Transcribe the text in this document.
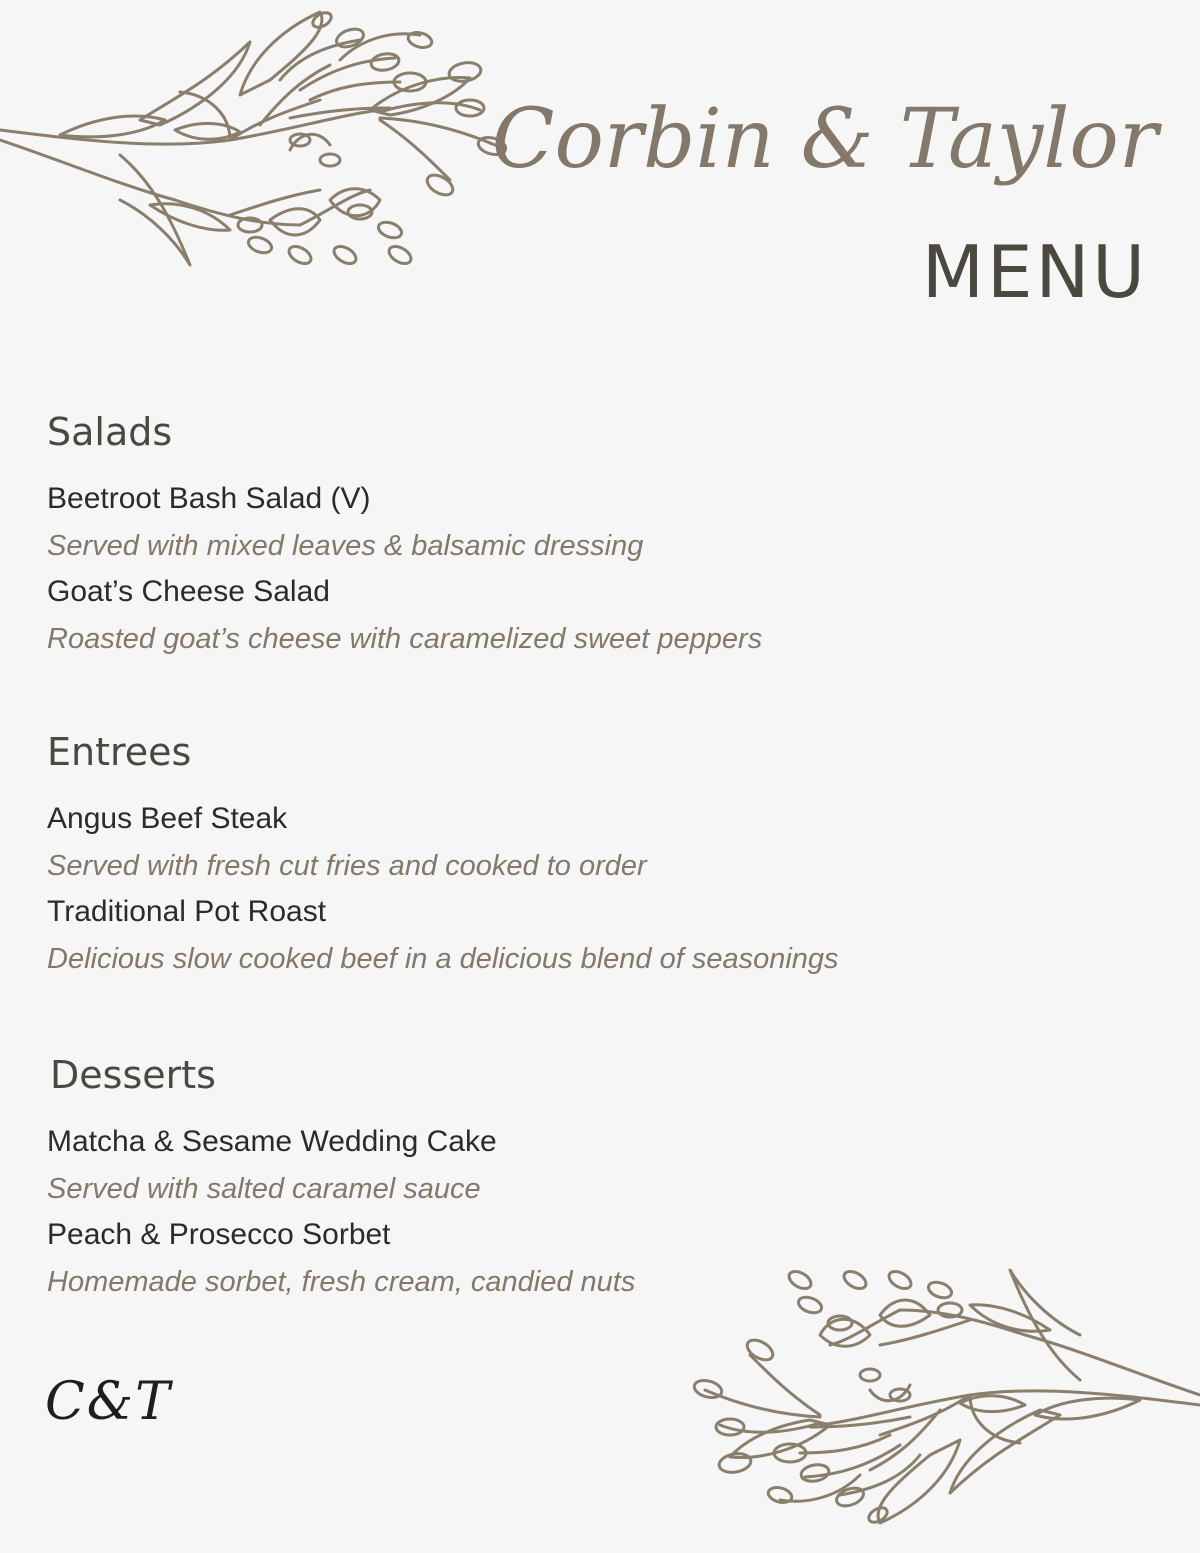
Corbin & Taylor
MENU
Salads

Beetroot Bash Salad (V)

Served with mixed leaves & balsamic dressing

Goat’s Cheese Salad

Roasted goat’s cheese with caramelized sweet peppers

Entrees

Angus Beef Steak

Served with fresh cut fries and cooked to order

Traditional Pot Roast

Delicious slow cooked beef in a delicious blend of seasonings

Desserts

Matcha & Sesame Wedding Cake

Served with salted caramel sauce

Peach & Prosecco Sorbet

Homemade sorbet, fresh cream, candied nuts

C&T
